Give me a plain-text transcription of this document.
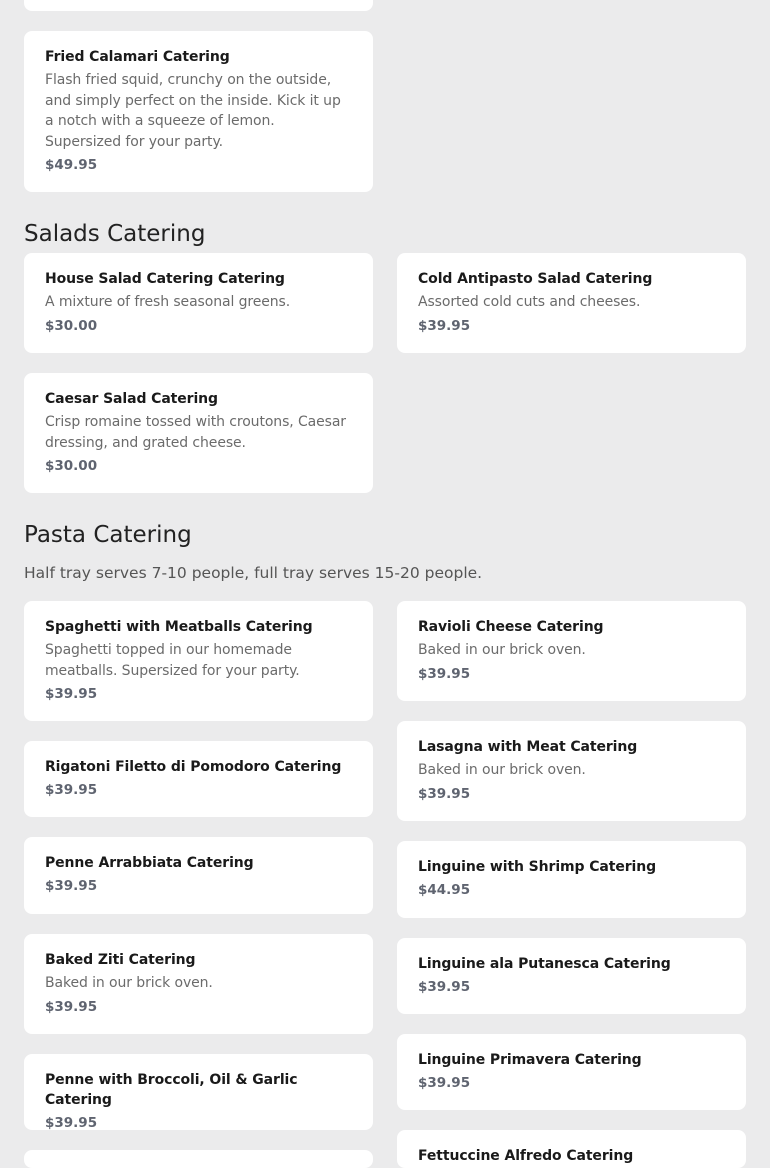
Fried Calamari Catering
Flash fried squid, crunchy on the outside, and simply perfect on the inside. Kick it up a notch with a squeeze of lemon. Supersized for your party.
$49.95
Salads Catering
House Salad Catering Catering
A mixture of fresh seasonal greens.
$30.00
Cold Antipasto Salad Catering
Assorted cold cuts and cheeses.
$39.95
Caesar Salad Catering
Crisp romaine tossed with croutons, Caesar dressing, and grated cheese.
$30.00
Pasta Catering
Half tray serves 7-10 people, full tray serves 15-20 people.
Spaghetti with Meatballs Catering
Spaghetti topped in our homemade meatballs. Supersized for your party.
$39.95
Rigatoni Filetto di Pomodoro Catering
$39.95
Penne Arrabbiata Catering
$39.95
Baked Ziti Catering
Baked in our brick oven.
$39.95
Penne with Broccoli, Oil & Garlic Catering
$39.95
Ravioli Cheese Catering
Baked in our brick oven.
$39.95
Lasagna with Meat Catering
Baked in our brick oven.
$39.95
Linguine with Shrimp Catering
$44.95
Linguine ala Putanesca Catering
$39.95
Linguine Primavera Catering
$39.95
Fettuccine Alfredo Catering
